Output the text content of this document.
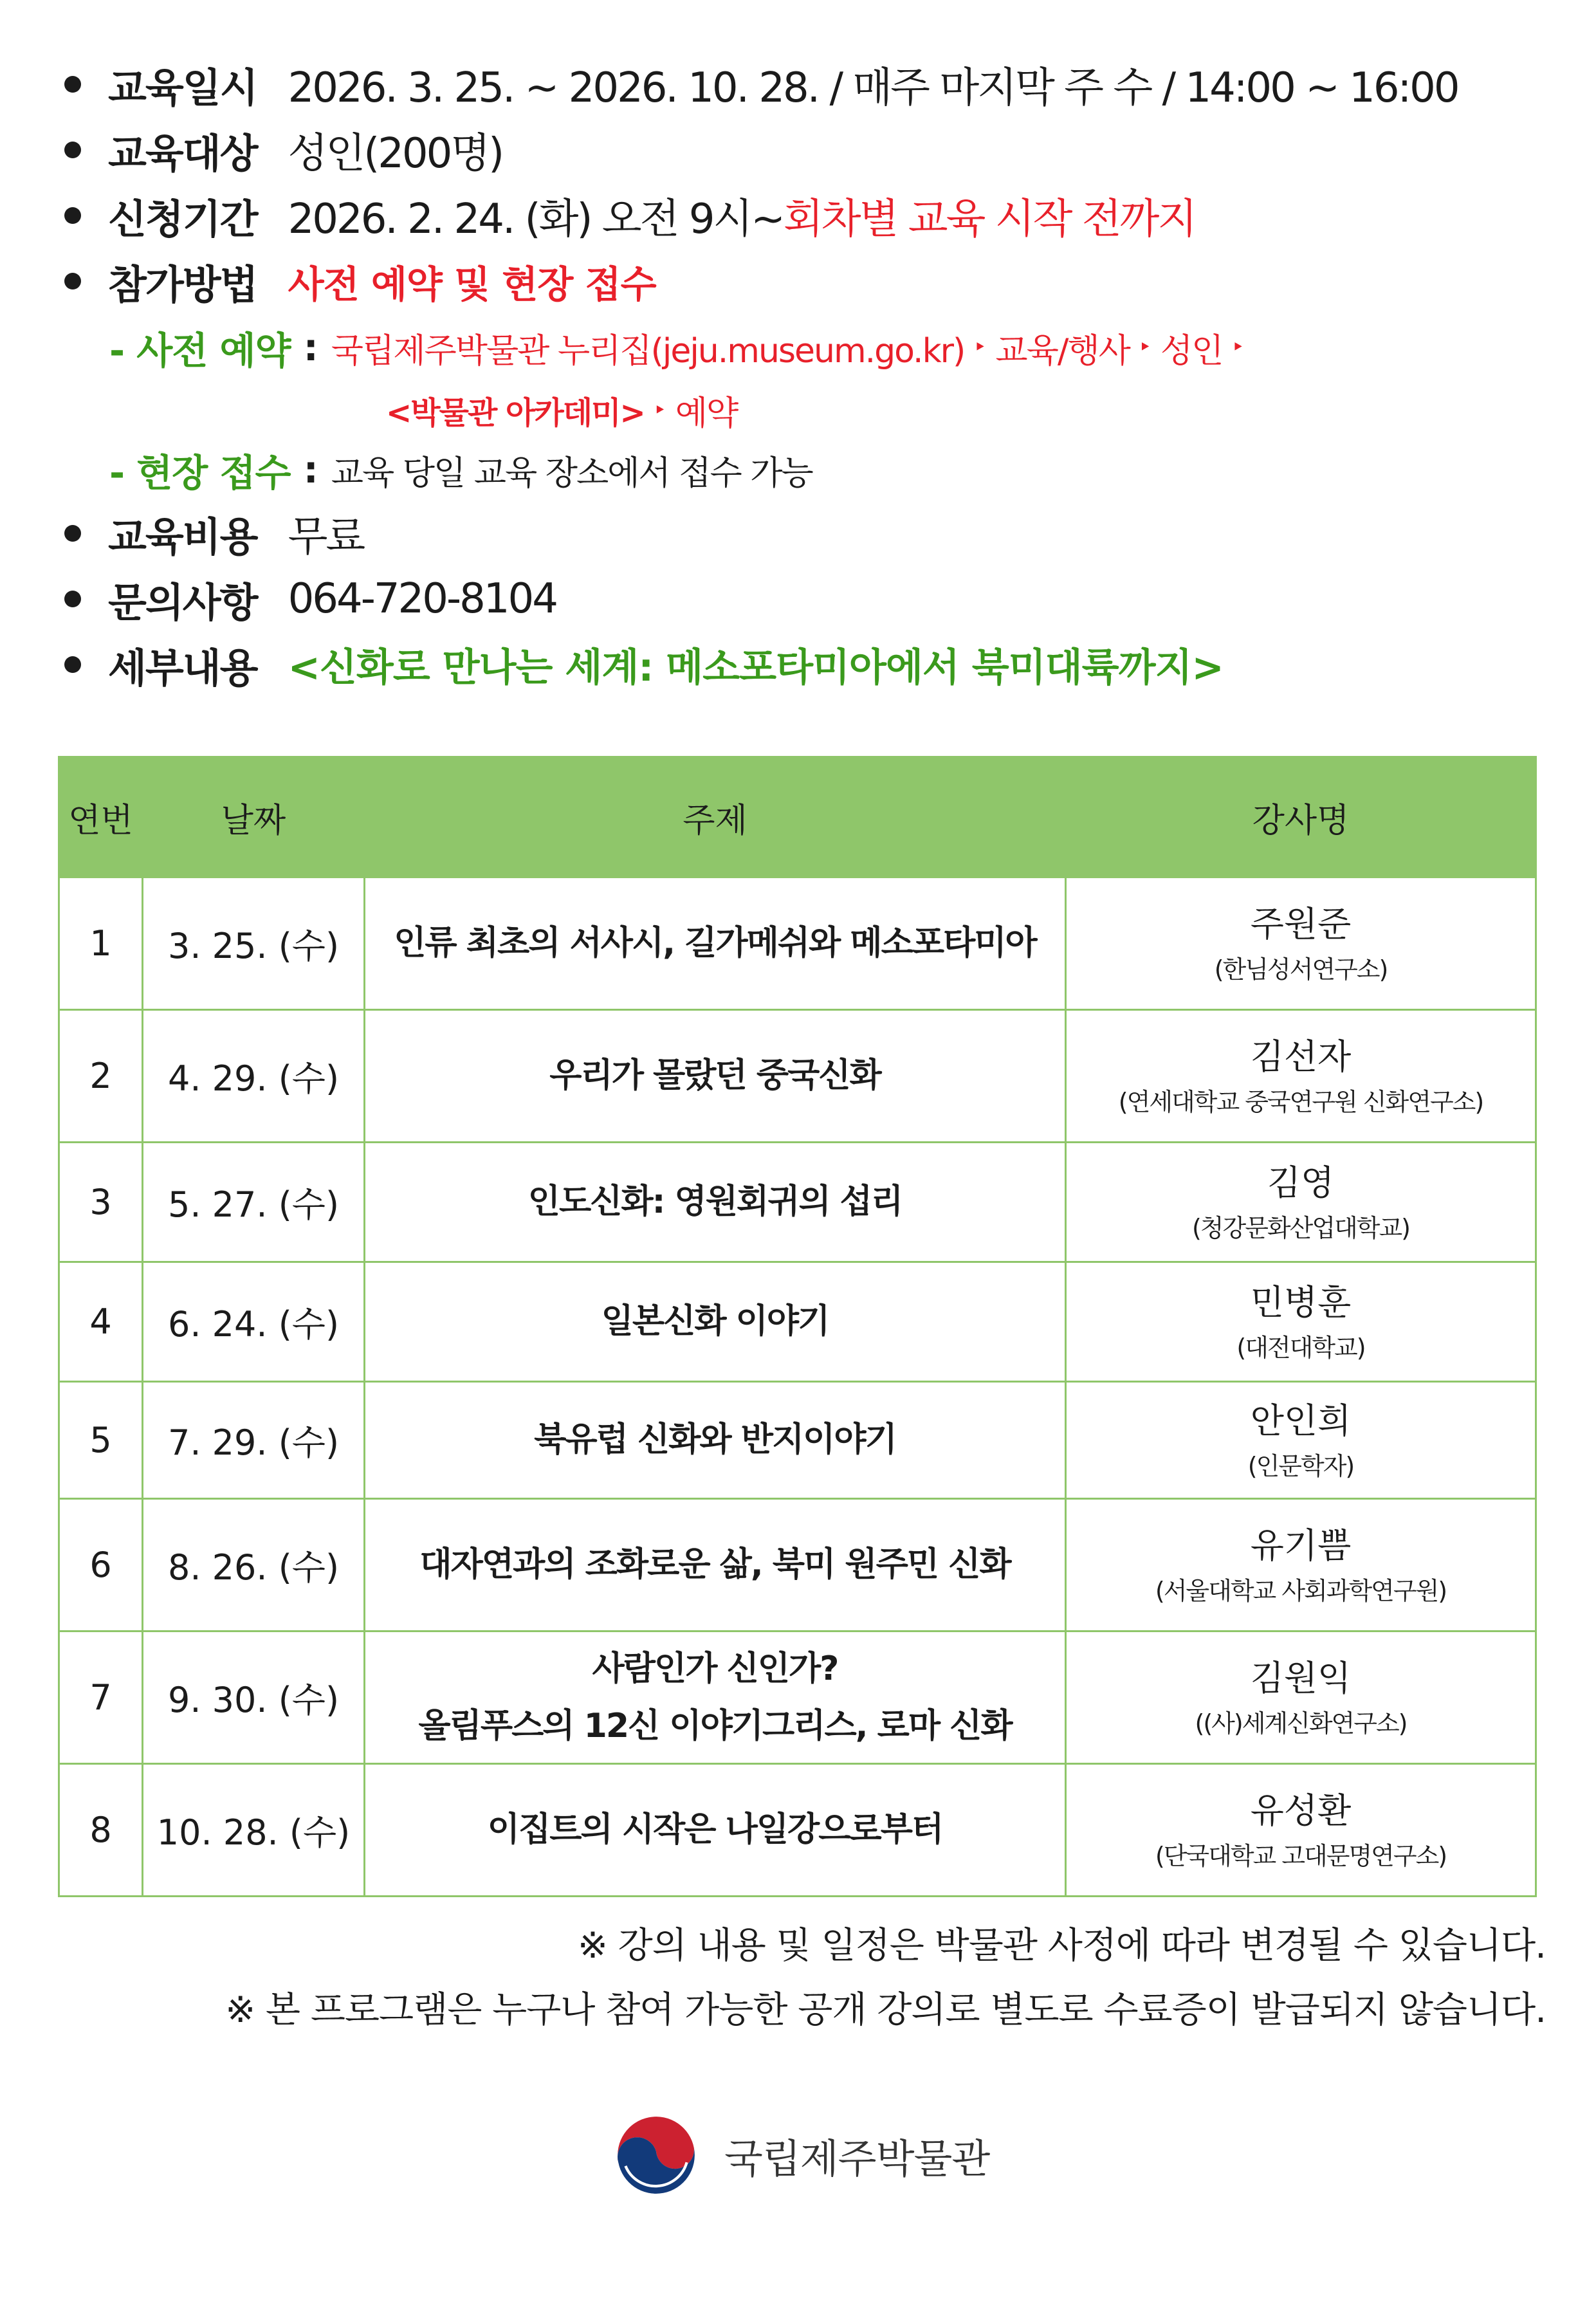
교육일시 2026. 3. 25. ~ 2026. 10. 28. / 매주 마지막 주 수 / 14:00 ~ 16:00
교육대상 성인(200명)
신청기간 2026. 2. 24. (화) 오전 9시~ 회차별 교육 시작 전까지
참가방법 사전 예약 및 현장 접수
- 사전 예약 : 국립제주박물관 누리집(jeju.museum.go.kr) ‣ 교육/행사 ‣ 성인 ‣
<박물관 아카데미> ‣ 예약
- 현장 접수 : 교육 당일 교육 장소에서 접수 가능
교육비용 무료
문의사항 064-720-8104
세부내용 <신화로 만나는 세계: 메소포타미아에서 북미대륙까지>
연번	날짜	주제	강사명
1	3. 25. (수)	인류 최초의 서사시, 길가메쉬와 메소포타미아	주원준
(한님성서연구소)

2	4. 29. (수)	우리가 몰랐던 중국신화	김선자
(연세대학교 중국연구원 신화연구소)

3	5. 27. (수)	인도신화: 영원회귀의 섭리	김영
(청강문화산업대학교)

4	6. 24. (수)	일본신화 이야기	민병훈
(대전대학교)

5	7. 29. (수)	북유럽 신화와 반지이야기	안인희
(인문학자)

6	8. 26. (수)	대자연과의 조화로운 삶, 북미 원주민 신화	유기쁨
(서울대학교 사회과학연구원)

7	9. 30. (수)	사람인가 신인가?
올림푸스의 12신 이야기그리스, 로마 신화	김원익
((사)세계신화연구소)

8	10. 28. (수)	이집트의 시작은 나일강으로부터	유성환
(단국대학교 고대문명연구소)
※ 강의 내용 및 일정은 박물관 사정에 따라 변경될 수 있습니다.
※ 본 프로그램은 누구나 참여 가능한 공개 강의로 별도로 수료증이 발급되지 않습니다.
국립제주박물관
